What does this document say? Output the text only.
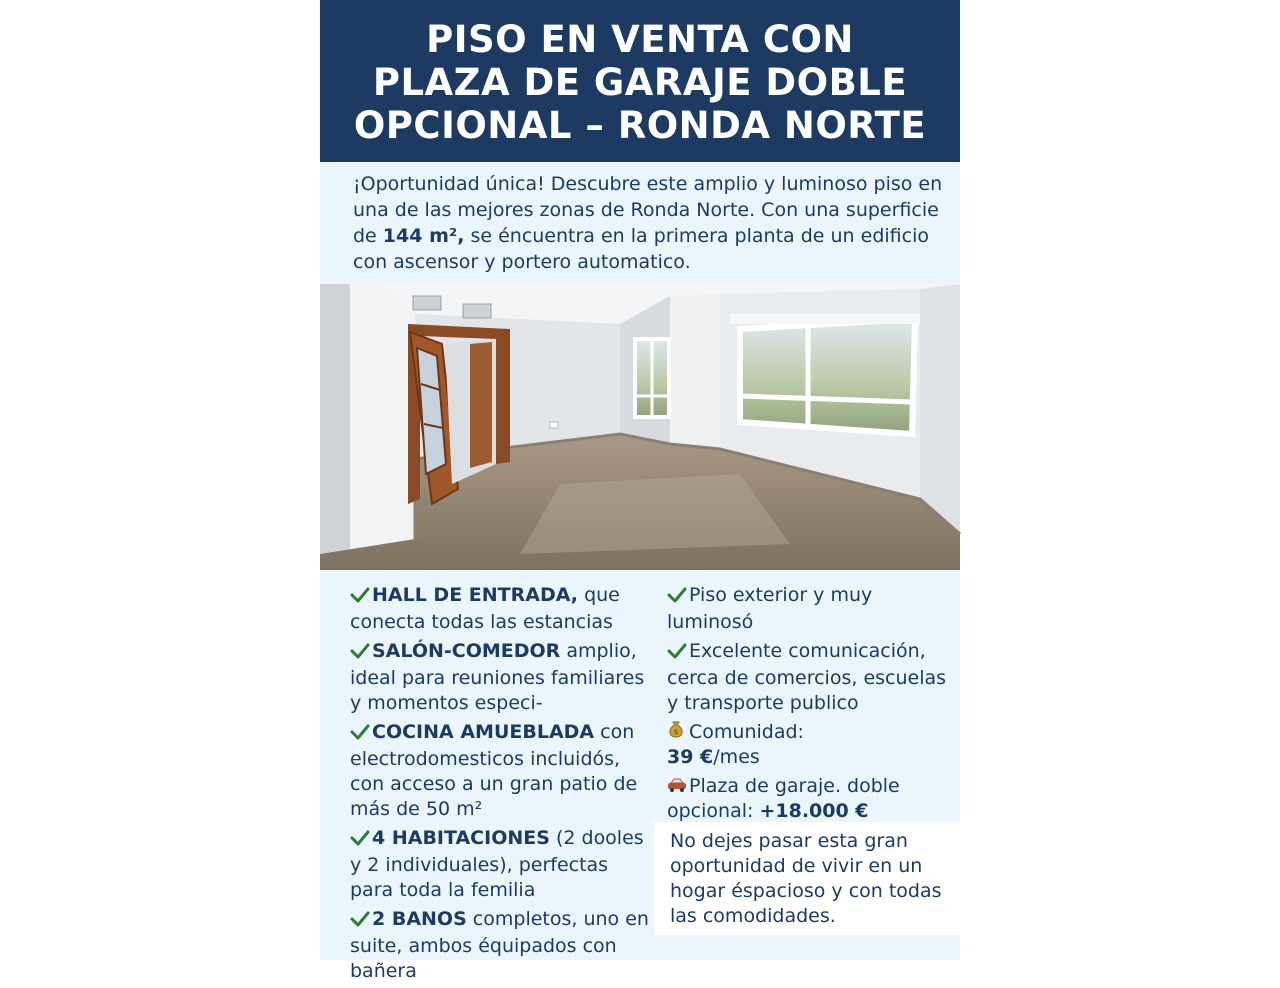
PISO EN VENTA CON
PLAZA DE GARAJE DOBLE
OPCIONAL – RONDA NORTE
¡Oportunidad única! Descubre este amplio y luminoso piso en una de las mejores zonas de Ronda Norte. Con una superficie de 144 m², se éncuentra en la primera planta de un edificio con ascensor y portero automatico.
HALL DE ENTRADA, que conecta todas las estancias
SALÓN-COMEDOR amplio, ideal para reuniones familiares y momentos especi-
COCINA AMUEBLADA con electrodomesticos incluidós, con acceso a un gran patio de más de 50 m²
4 HABITACIONES (2 dooles y 2 individuales), perfectas para toda la femilia
2 BANOS completos, uno en suite, ambos équipados con bañera
Piso exterior y muy luminosó
Excelente comunicación, cerca de comercios, escuelas y transporte publico
$ Comunidad:
39 €/mes
Plaza de garaje. doble opcional: +18.000 €
No dejes pasar esta gran oportunidad de vivir en un hogar éspacioso y con todas las comodidades.
